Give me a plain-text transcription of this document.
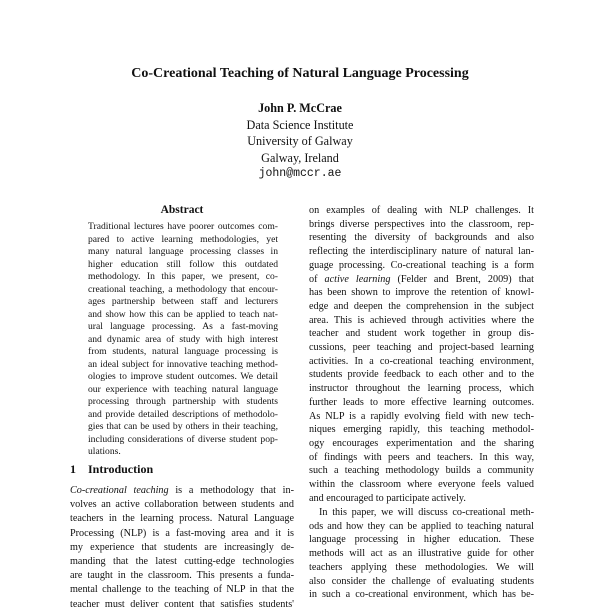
Co-Creational Teaching of Natural Language Processing
John P. McCrae
Data Science Institute
University of Galway
Galway, Ireland
john@mccr.ae
Abstract
Traditional lectures have poorer outcomes com-
pared to active learning methodologies, yet
many natural language processing classes in
higher education still follow this outdated
methodology. In this paper, we present, co-
creational teaching, a methodology that encour-
ages partnership between staff and lecturers
and show how this can be applied to teach nat-
ural language processing. As a fast-moving
and dynamic area of study with high interest
from students, natural language processing is
an ideal subject for innovative teaching method-
ologies to improve student outcomes. We detail
our experience with teaching natural language
processing through partnership with students
and provide detailed descriptions of methodolo-
gies that can be used by others in their teaching,
including considerations of diverse student pop-
ulations.
1 Introduction
Co-creational teaching is a methodology that in-
volves an active collaboration between students and
teachers in the learning process. Natural Language
Processing (NLP) is a fast-moving area and it is
my experience that students are increasingly de-
manding that the latest cutting-edge technologies
are taught in the classroom. This presents a funda-
mental challenge to the teaching of NLP in that the
teacher must deliver content that satisfies students'
on examples of dealing with NLP challenges. It
brings diverse perspectives into the classroom, rep-
resenting the diversity of backgrounds and also
reflecting the interdisciplinary nature of natural lan-
guage processing. Co-creational teaching is a form
of active learning (Felder and Brent, 2009) that
has been shown to improve the retention of knowl-
edge and deepen the comprehension in the subject
area. This is achieved through activities where the
teacher and student work together in group dis-
cussions, peer teaching and project-based learning
activities. In a co-creational teaching environment,
students provide feedback to each other and to the
instructor throughout the learning process, which
further leads to more effective learning outcomes.
As NLP is a rapidly evolving field with new tech-
niques emerging rapidly, this teaching methodol-
ogy encourages experimentation and the sharing
of findings with peers and teachers. In this way,
such a teaching methodology builds a community
within the classroom where everyone feels valued
and encouraged to participate actively.
In this paper, we will discuss co-creational meth-
ods and how they can be applied to teaching natural
language processing in higher education. These
methods will act as an illustrative guide for other
teachers applying these methodologies. We will
also consider the challenge of evaluating students
in such a co-creational environment, which has be-
